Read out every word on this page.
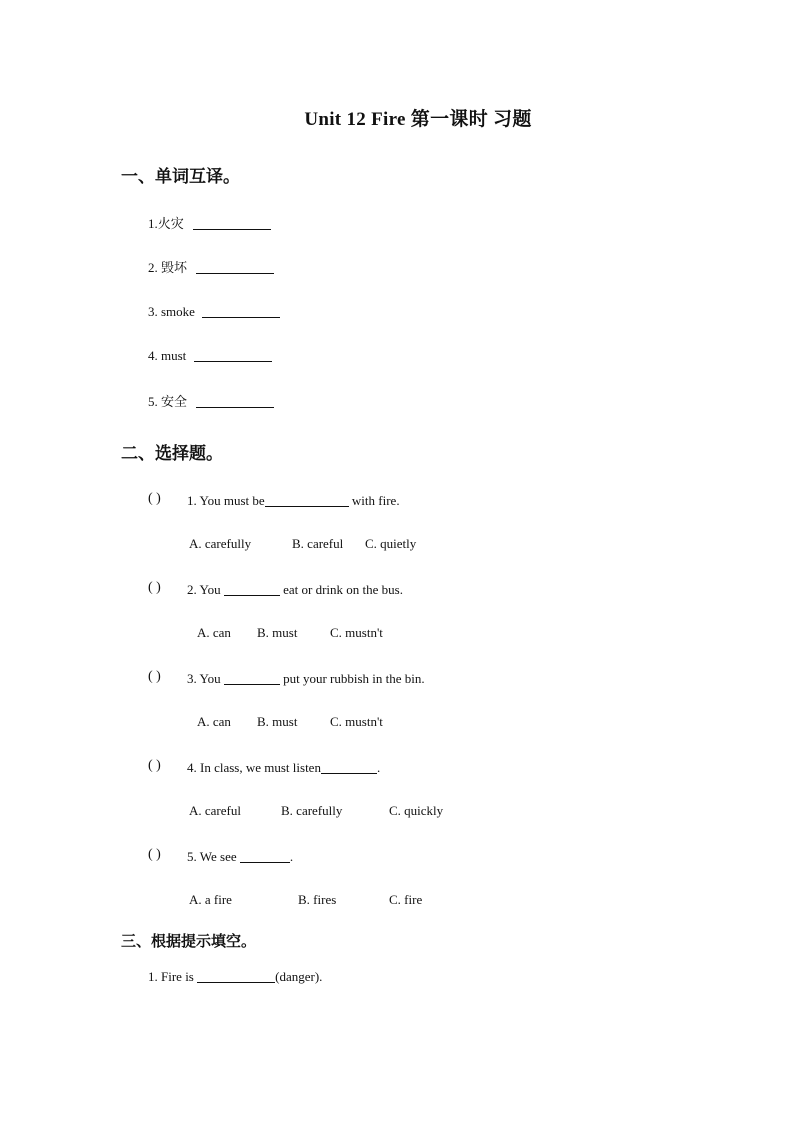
Unit 12 Fire 第一课时 习题
一、单词互译。
1.火灾
2. 毁坏
3. smoke
4. must
5. 安全
二、选择题。
( ) 1. You must be	with fire.
A. carefully	B. careful C. quietly
( ) 2. You	eat or drink on the bus.
A. can B. must	C. mustn't
( ) 3. You	put your rubbish in the bin.
A. can B. must	C. mustn't
( ) 4. In class, we must listen	.
A. careful	B. carefully	C. quickly
( ) 5. We see	.
A. a fire	B. fires	C. fire
三、根据提示填空。
1. Fire is	(danger).
